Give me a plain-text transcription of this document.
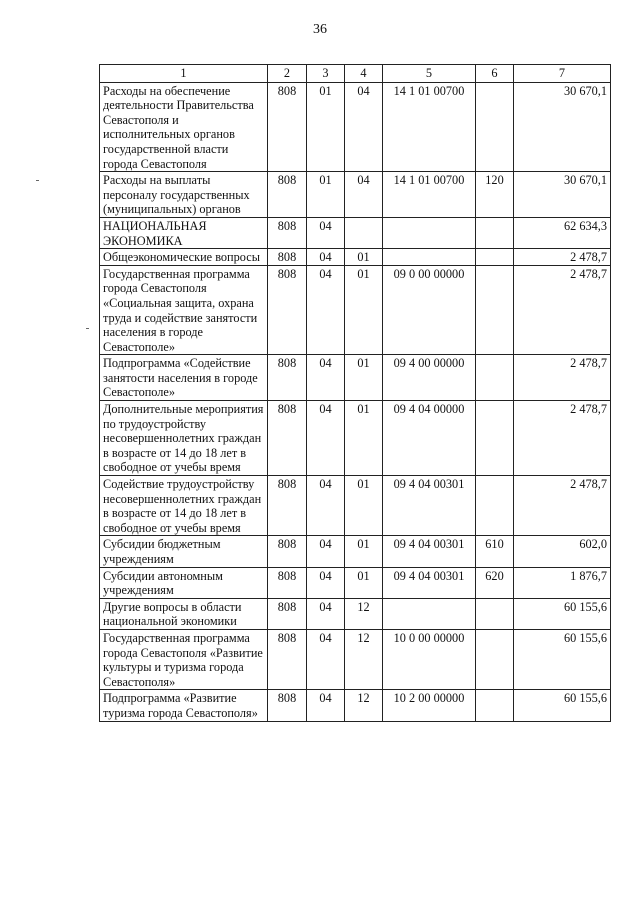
36
1	2	3	4	5	6	7
Расходы на обеспечение деятельности Правительства Севастополя и исполнительных органов государственной власти города Севастополя	808	01	04	14 1 01 00700		30 670,1
Расходы на выплаты персоналу государственных (муниципальных) органов	808	01	04	14 1 01 00700	120	30 670,1
НАЦИОНАЛЬНАЯ ЭКОНОМИКА	808	04				62 634,3
Общеэкономические вопросы	808	04	01			2 478,7
Государственная программа города Севастополя «Социальная защита, охрана труда и содействие занятости населения в городе Севастополе»	808	04	01	09 0 00 00000		2 478,7
Подпрограмма «Содействие занятости населения в городе Севастополе»	808	04	01	09 4 00 00000		2 478,7
Дополнительные мероприятия по трудоустройству несовершеннолетних граждан в возрасте от 14 до 18 лет в свободное от учебы время	808	04	01	09 4 04 00000		2 478,7
Содействие трудоустройству несовершеннолетних граждан в возрасте от 14 до 18 лет в свободное от учебы время	808	04	01	09 4 04 00301		2 478,7
Субсидии бюджетным учреждениям	808	04	01	09 4 04 00301	610	602,0
Субсидии автономным учреждениям	808	04	01	09 4 04 00301	620	1 876,7
Другие вопросы в области национальной экономики	808	04	12			60 155,6
Государственная программа города Севастополя «Развитие культуры и туризма города Севастополя»	808	04	12	10 0 00 00000		60 155,6
Подпрограмма «Развитие туризма города Севастополя»	808	04	12	10 2 00 00000		60 155,6
